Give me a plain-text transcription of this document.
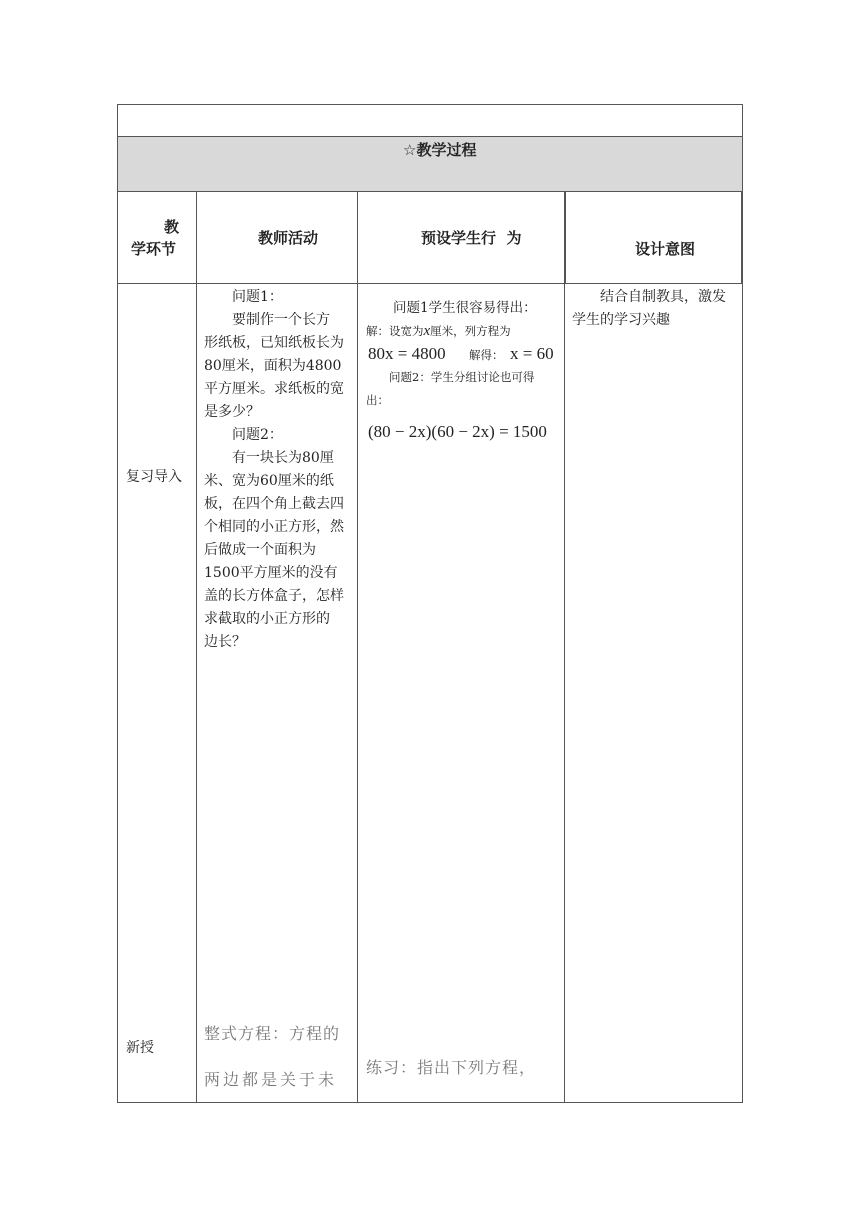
☆教学过程
教
学环节
教师活动	预设学生行  为
设计意图
复习导入
新授
　　问题1：
　　要制作一个长方
形纸板，已知纸板长为
80厘米，面积为4800
平方厘米。求纸板的宽
是多少？
　　问题2：
　　有一块长为80厘
米、宽为60厘米的纸
板，在四个角上截去四
个相同的小正方形，然
后做成一个面积为
1500平方厘米的没有
盖的长方体盒子，怎样
求截取的小正方形的
边长？
整式方程：方程的
两边都是关于未
　　问题1学生很容易得出：
解：设宽为x厘米，列方程为
80x = 4800 解得： x = 60
　　问题2：学生分组讨论也可得
出：
(80 − 2x)(60 − 2x) = 1500
练习：指出下列方程，
　　结合自制教具，激发
学生的学习兴趣
